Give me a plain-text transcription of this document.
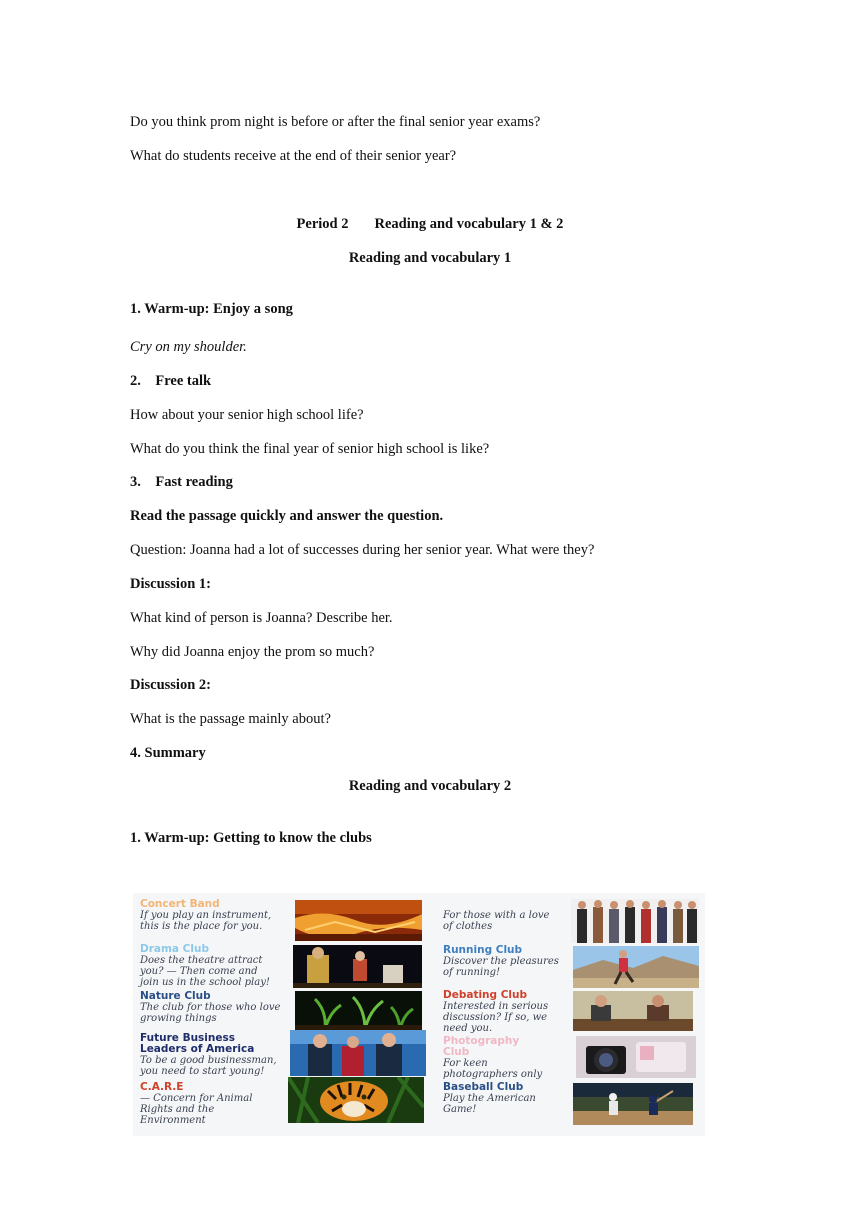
Do you think prom night is before or after the final senior year exams?
What do students receive at the end of their senior year?
Period 2 Reading and vocabulary 1 & 2
Reading and vocabulary 1
1. Warm-up: Enjoy a song
Cry on my shoulder.
2.    Free talk
How about your senior high school life?
What do you think the final year of senior high school is like?
3.    Fast reading
Read the passage quickly and answer the question.
Question: Joanna had a lot of successes during her senior year. What were they?
Discussion 1:
What kind of person is Joanna? Describe her.
Why did Joanna enjoy the prom so much?
Discussion 2:
What is the passage mainly about?
4. Summary
Reading and vocabulary 2
1. Warm-up: Getting to know the clubs
Concert Band
If you play an instrument,
this is the place for you.
Drama Club
Does the theatre attract
you? — Then come and
join us in the school play!
Nature Club
The club for those who love
growing things
Future Business
Leaders of America
To be a good businessman,
you need to start young!
C.A.R.E
— Concern for Animal
Rights and the
Environment
For those with a love
of clothes
Running Club
Discover the pleasures
of running!
Debating Club
Interested in serious
discussion? If so, we
need you.
Photography
Club
For keen
photographers only
Baseball Club
Play the American
Game!
